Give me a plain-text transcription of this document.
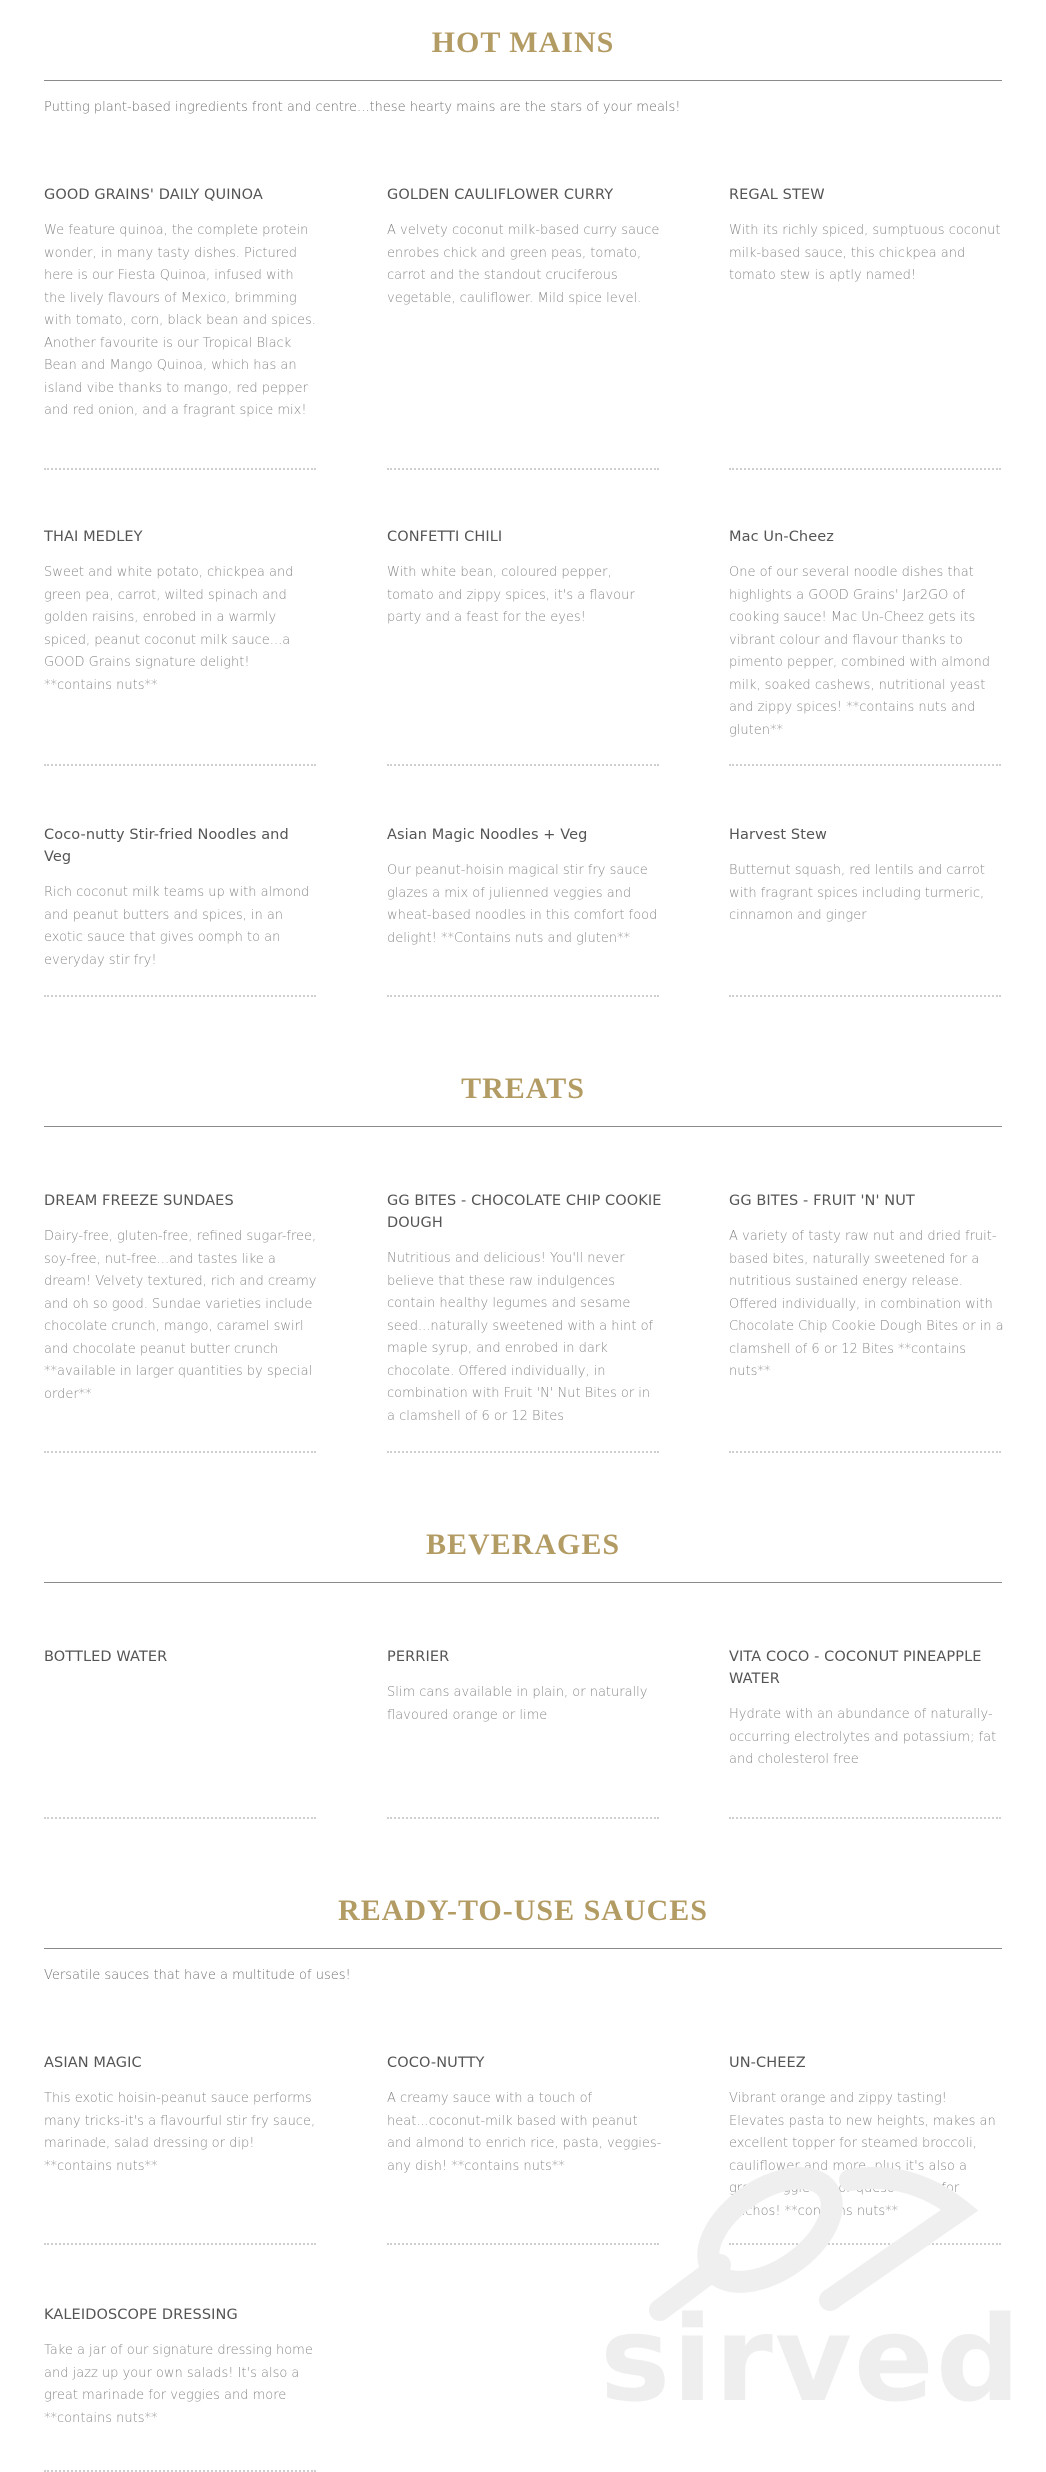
HOT MAINS
Putting plant-based ingredients front and centre...these hearty mains are the stars of your meals!

GOOD GRAINS' DAILY QUINOA

We feature quinoa, the complete protein wonder, in many tasty dishes. Pictured here is our Fiesta Quinoa, infused with the lively flavours of Mexico, brimming with tomato, corn, black bean and spices. Another favourite is our Tropical Black Bean and Mango Quinoa, which has an island vibe thanks to mango, red pepper and red onion, and a fragrant spice mix!

GOLDEN CAULIFLOWER CURRY

A velvety coconut milk-based curry sauce enrobes chick and green peas, tomato, carrot and the standout cruciferous vegetable, cauliflower. Mild spice level.

REGAL STEW

With its richly spiced, sumptuous coconut milk-based sauce, this chickpea and tomato stew is aptly named!

THAI MEDLEY

Sweet and white potato, chickpea and green pea, carrot, wilted spinach and golden raisins, enrobed in a warmly spiced, peanut coconut milk sauce...a GOOD Grains signature delight! **contains nuts**

CONFETTI CHILI

With white bean, coloured pepper, tomato and zippy spices, it's a flavour party and a feast for the eyes!

Mac Un-Cheez

One of our several noodle dishes that highlights a GOOD Grains' Jar2GO of cooking sauce! Mac Un-Cheez gets its vibrant colour and flavour thanks to pimento pepper, combined with almond milk, soaked cashews, nutritional yeast and zippy spices! **contains nuts and gluten**

Coco-nutty Stir-fried Noodles and Veg

Rich coconut milk teams up with almond and peanut butters and spices, in an exotic sauce that gives oomph to an everyday stir fry!

Asian Magic Noodles + Veg

Our peanut-hoisin magical stir fry sauce glazes a mix of julienned veggies and wheat-based noodles in this comfort food delight! **Contains nuts and gluten**

Harvest Stew

Butternut squash, red lentils and carrot with fragrant spices including turmeric, cinnamon and ginger

TREATS

DREAM FREEZE SUNDAES

Dairy-free, gluten-free, refined sugar-free, soy-free, nut-free...and tastes like a dream! Velvety textured, rich and creamy and oh so good. Sundae varieties include chocolate crunch, mango, caramel swirl and chocolate peanut butter crunch **available in larger quantities by special order**

GG BITES - CHOCOLATE CHIP COOKIE DOUGH

Nutritious and delicious! You'll never believe that these raw indulgences contain healthy legumes and sesame seed...naturally sweetened with a hint of maple syrup, and enrobed in dark chocolate. Offered individually, in combination with Fruit 'N' Nut Bites or in a clamshell of 6 or 12 Bites

GG BITES - FRUIT 'N' NUT

A variety of tasty raw nut and dried fruit-based bites, naturally sweetened for a nutritious sustained energy release. Offered individually, in combination with Chocolate Chip Cookie Dough Bites or in a clamshell of 6 or 12 Bites **contains nuts**

BEVERAGES

BOTTLED WATER	PERRIER

Slim cans available in plain, or naturally flavoured orange or lime

VITA COCO - COCONUT PINEAPPLE WATER

Hydrate with an abundance of naturally-occurring electrolytes and potassium; fat and cholesterol free

READY-TO-USE SAUCES
Versatile sauces that have a multitude of uses!

ASIAN MAGIC

This exotic hoisin-peanut sauce performs many tricks-it's a flavourful stir fry sauce, marinade, salad dressing or dip! **contains nuts**

COCO-NUTTY

A creamy sauce with a touch of heat...coconut-milk based with peanut and almond to enrich rice, pasta, veggies-any dish! **contains nuts**

UN-CHEEZ

Vibrant orange and zippy tasting! Elevates pasta to new heights, makes an excellent topper for steamed broccoli, cauliflower and more, plus it's also a great veggie dip or queso sauce for nachos! **contains nuts**

KALEIDOSCOPE DRESSING

Take a jar of our signature dressing home and jazz up your own salads! It's also a great marinade for veggies and more **contains nuts**	sirved
